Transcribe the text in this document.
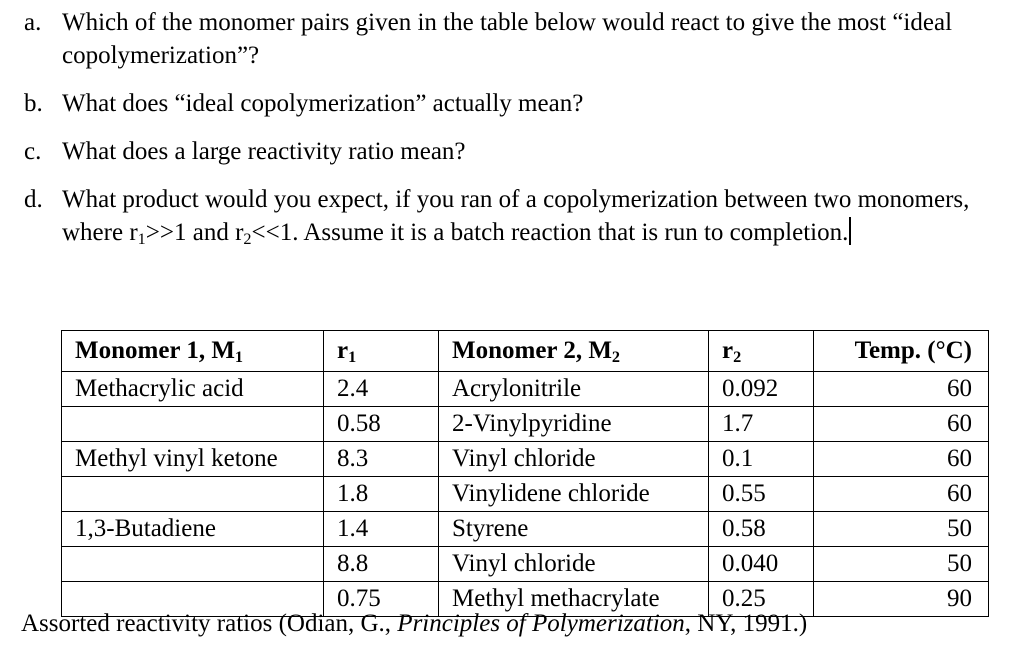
a. Which of the monomer pairs given in the table below would react to give the most “ideal copolymerization”?
b. What does “ideal copolymerization” actually mean?
c. What does a large reactivity ratio mean?
d. What product would you expect, if you ran of a copolymerization between two monomers, where $r_1>>1$ and $r_2<<1$. Assume it is a batch reaction that is run to completion.
Monomer 1, $M_1$	$r_1$	Monomer 2, $M_2$	$r_2$	Temp. (°C)
Methacrylic acid	2.4	Acrylonitrile	0.092	60
	0.58	2-Vinylpyridine	1.7	60
Methyl vinyl ketone	8.3	Vinyl chloride	0.1	60
	1.8	Vinylidene chloride	0.55	60
1,3-Butadiene	1.4	Styrene	0.58	50
	8.8	Vinyl chloride	0.040	50
	0.75	Methyl methacrylate	0.25	90
Assorted reactivity ratios (Odian, G., Principles of Polymerization, NY, 1991.)
